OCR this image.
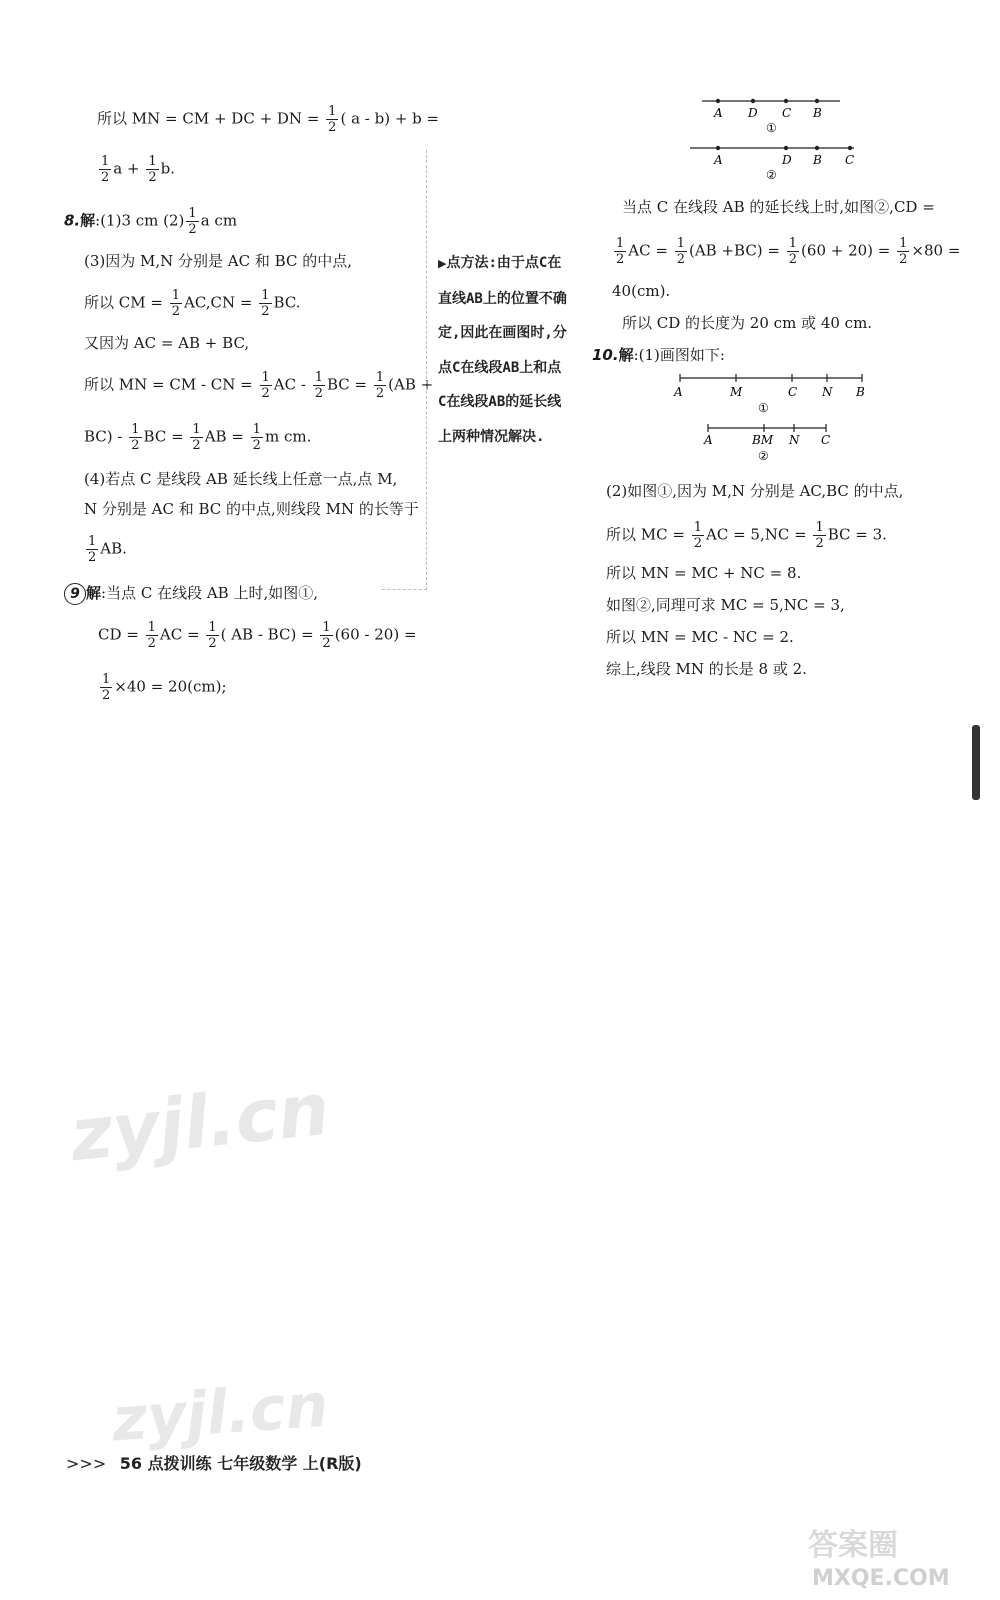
所以 MN = CM + DC + DN = $\frac{1}{2}$ ( a - b) + b =
$\frac{1}{2}$ $a + \frac{1}{2} b$.
8.解:(1)3 cm $(2) \frac{1}{2}$ a cm
(3)因为 M,N 分别是 AC 和 BC 的中点,
所以 CM = $\frac{1}{2} AC,CN = \frac{1}{2}$ BC.
又因为 AC = AB + BC,
所以 MN = CM - CN = $\frac{1}{2}$ AC - $\frac{1}{2}$ BC = $\frac{1}{2} (AB$ +
$BC) - \frac{1}{2}$ BC = $\frac{1}{2}$ AB = $\frac{1}{2}$ m cm.
(4)若点 C 是线段 AB 延长线上任意一点,点 M,
N 分别是 AC 和 BC 的中点,则线段 MN 的长等于
$\frac{1}{2}$ AB.
9 解:当点 C 在线段 AB 上时,如图①,
CD = $\frac{1}{2}$ AC = $\frac{1}{2}$ ( AB - $BC) = \frac{1}{2} (60 - 20)$ =
$\frac{1}{2} \times 40 = 20(cm)$;
▶点方法:由于点C在直线AB上的位置不确定,因此在画图时,分点C在线段AB上和点C在线段AB的延长线上两种情况解决.
A D C B
①
A	D B C
②
当点 C 在线段 AB 的延长线上时,如图②,CD =
$\frac{1}{2}$ AC = $\frac{1}{2} (AB +BC) = \frac{1}{2} (60 + 20) = \frac{1}{2} \times 80$ =
40(cm).
所以 CD 的长度为 20 cm 或 40 cm.
10.解:(1)画图如下:
A	M	C N B
①
A	BM N C
②
(2)如图①,因为 M,N 分别是 AC,BC 的中点,
所以 MC = $\frac{1}{2}$ AC = $5,NC = \frac{1}{2}$ BC = 3.
所以 MN = MC + NC = 8.
如图②,同理可求 MC = 5,NC = 3,
所以 MN = MC - NC = 2.
综上,线段 MN 的长是 8 或 2.
zyjl.cn
zyjl.cn
答案圈
MXQE.COM
>>> 56 点拨训练 七年级数学 上(R版)
